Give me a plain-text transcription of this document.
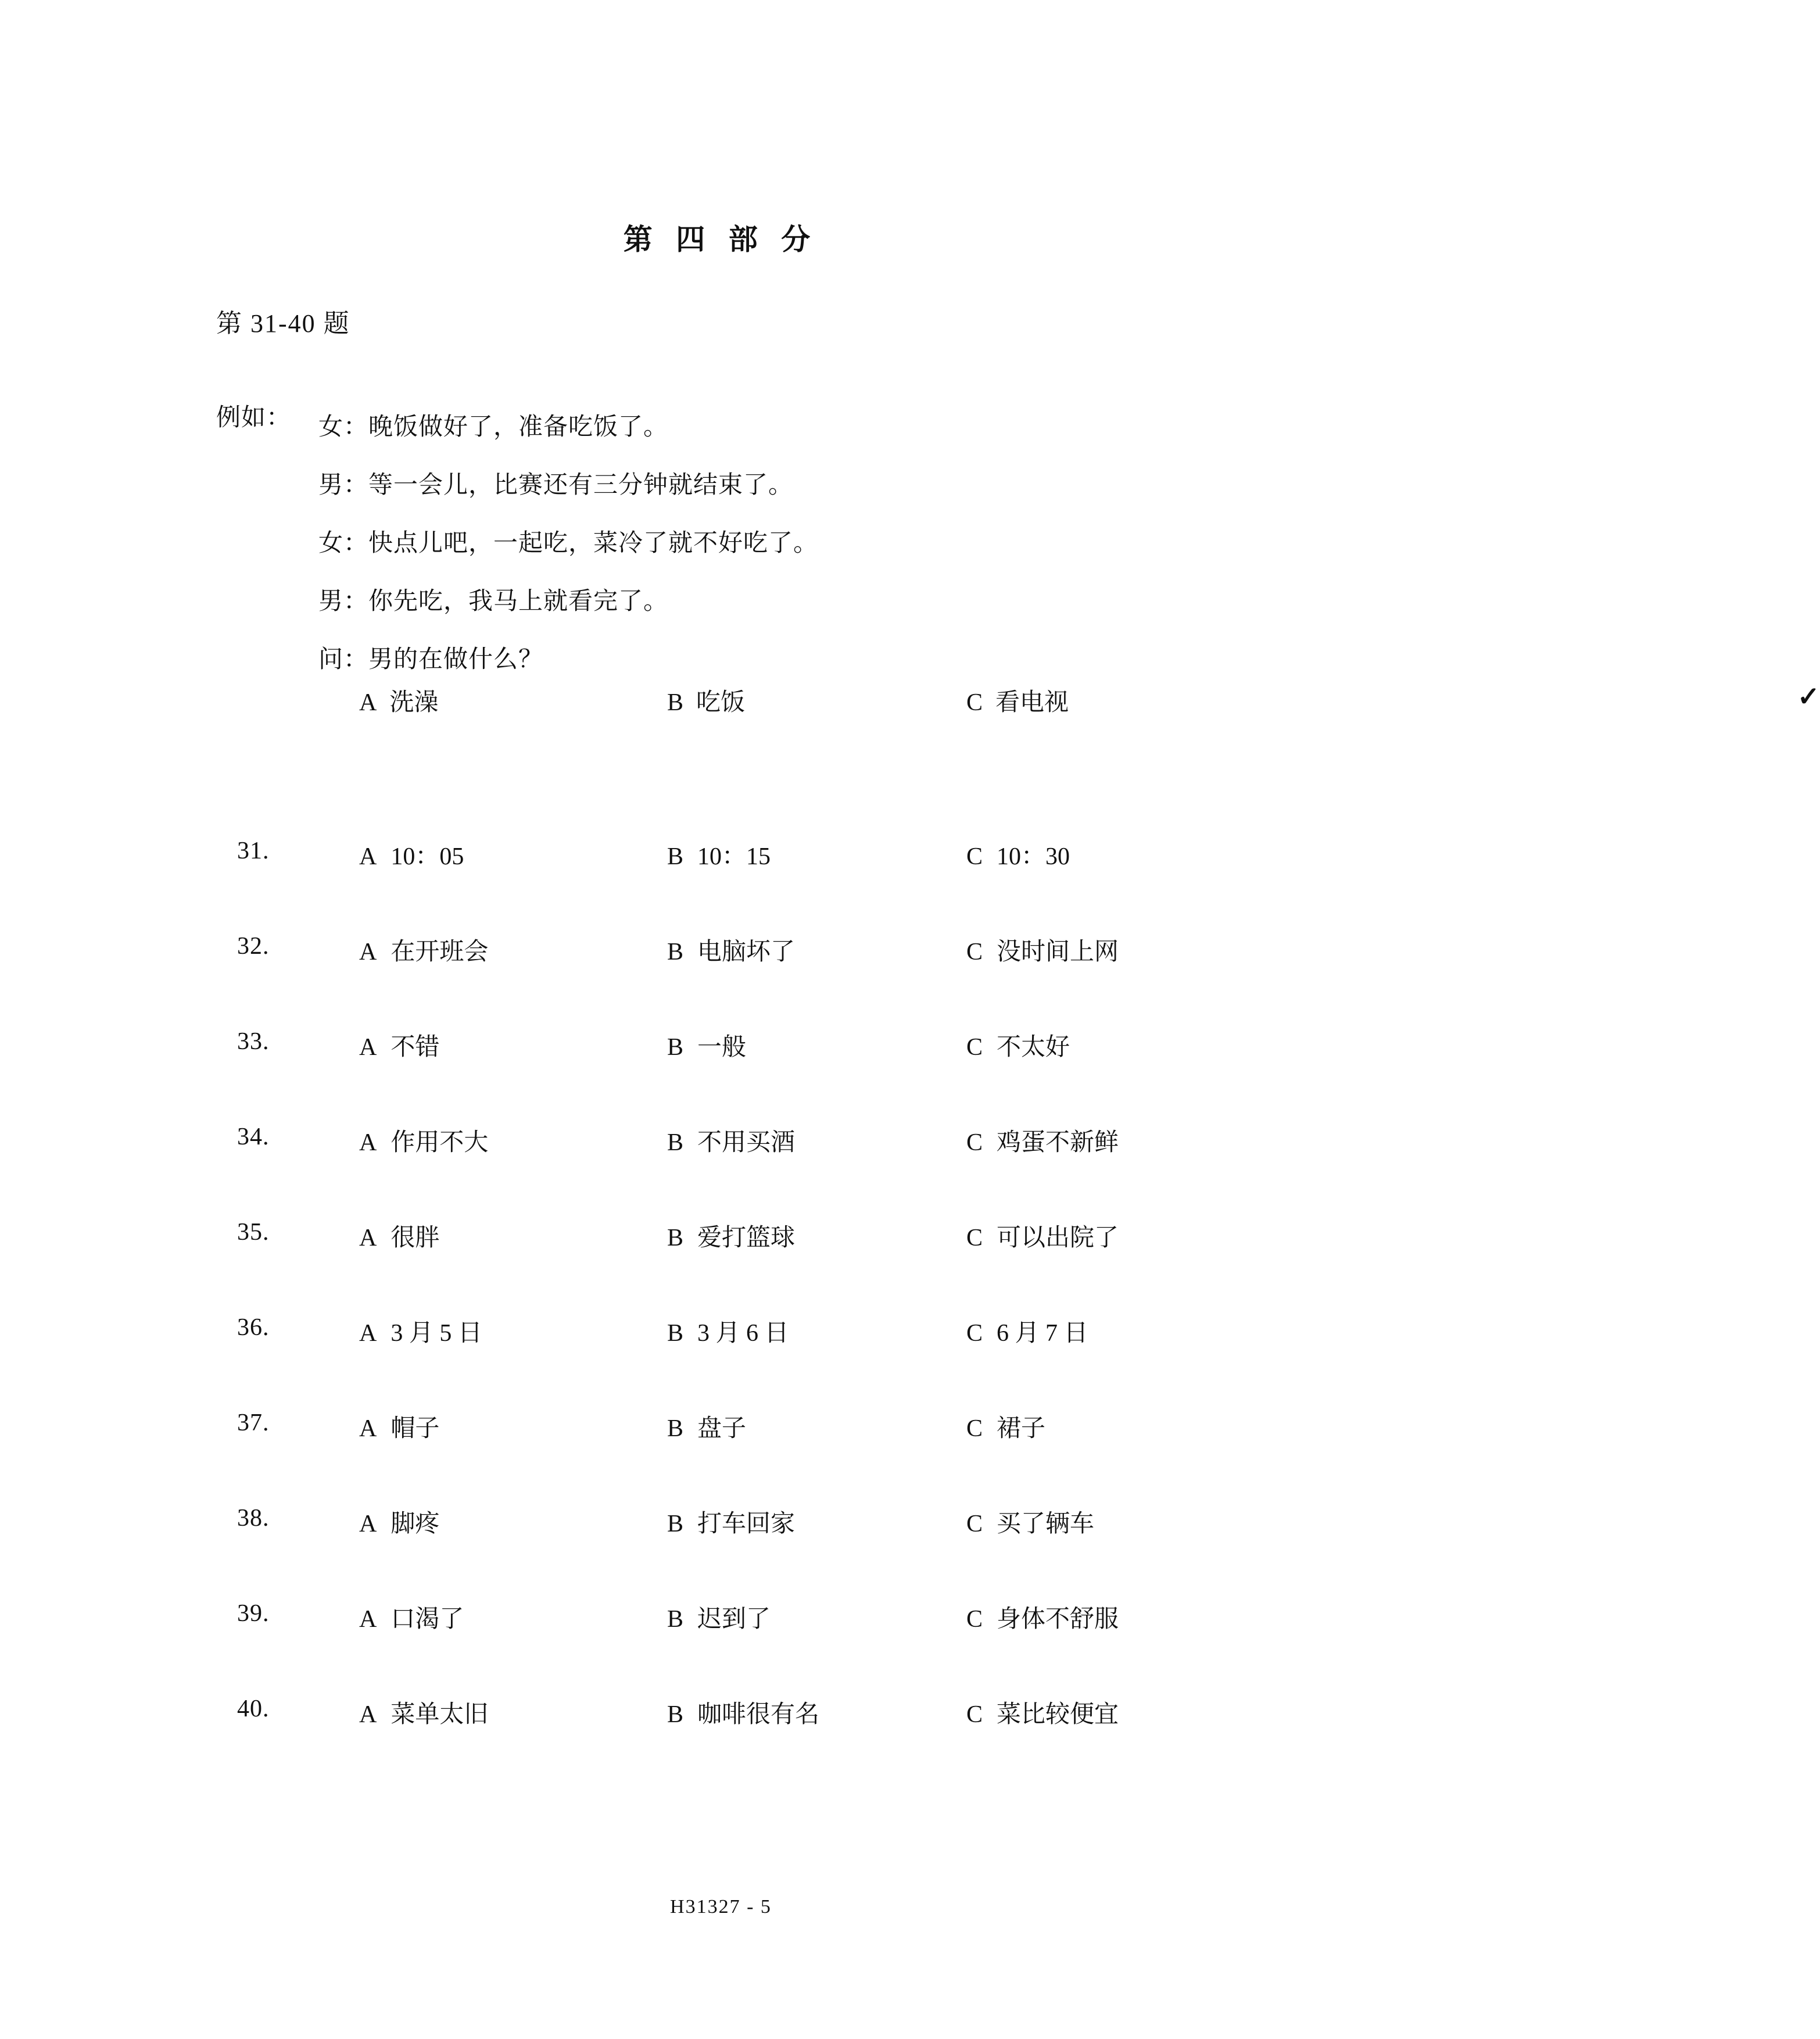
第 四 部 分
第 31-40 题
例如： 女：晚饭做好了，准备吃饭了。
男：等一会儿，比赛还有三分钟就结束了。
女：快点儿吧，一起吃，菜冷了就不好吃了。
男：你先吃，我马上就看完了。
问：男的在做什么？
A 洗澡	B 吃饭	C 看电视	✓
31.	A 10：05	B 10：15	C 10：30
32.	A 在开班会	B 电脑坏了	C 没时间上网
33.	A 不错	B 一般	C 不太好
34.	A 作用不大	B 不用买酒	C 鸡蛋不新鲜
35.	A 很胖	B 爱打篮球	C 可以出院了
36.	A 3 月 5 日	B 3 月 6 日	C 6 月 7 日
37.	A 帽子	B 盘子	C 裙子
38.	A 脚疼	B 打车回家	C 买了辆车
39.	A 口渴了	B 迟到了	C 身体不舒服
40.	A 菜单太旧	B 咖啡很有名	C 菜比较便宜
H31327 - 5
